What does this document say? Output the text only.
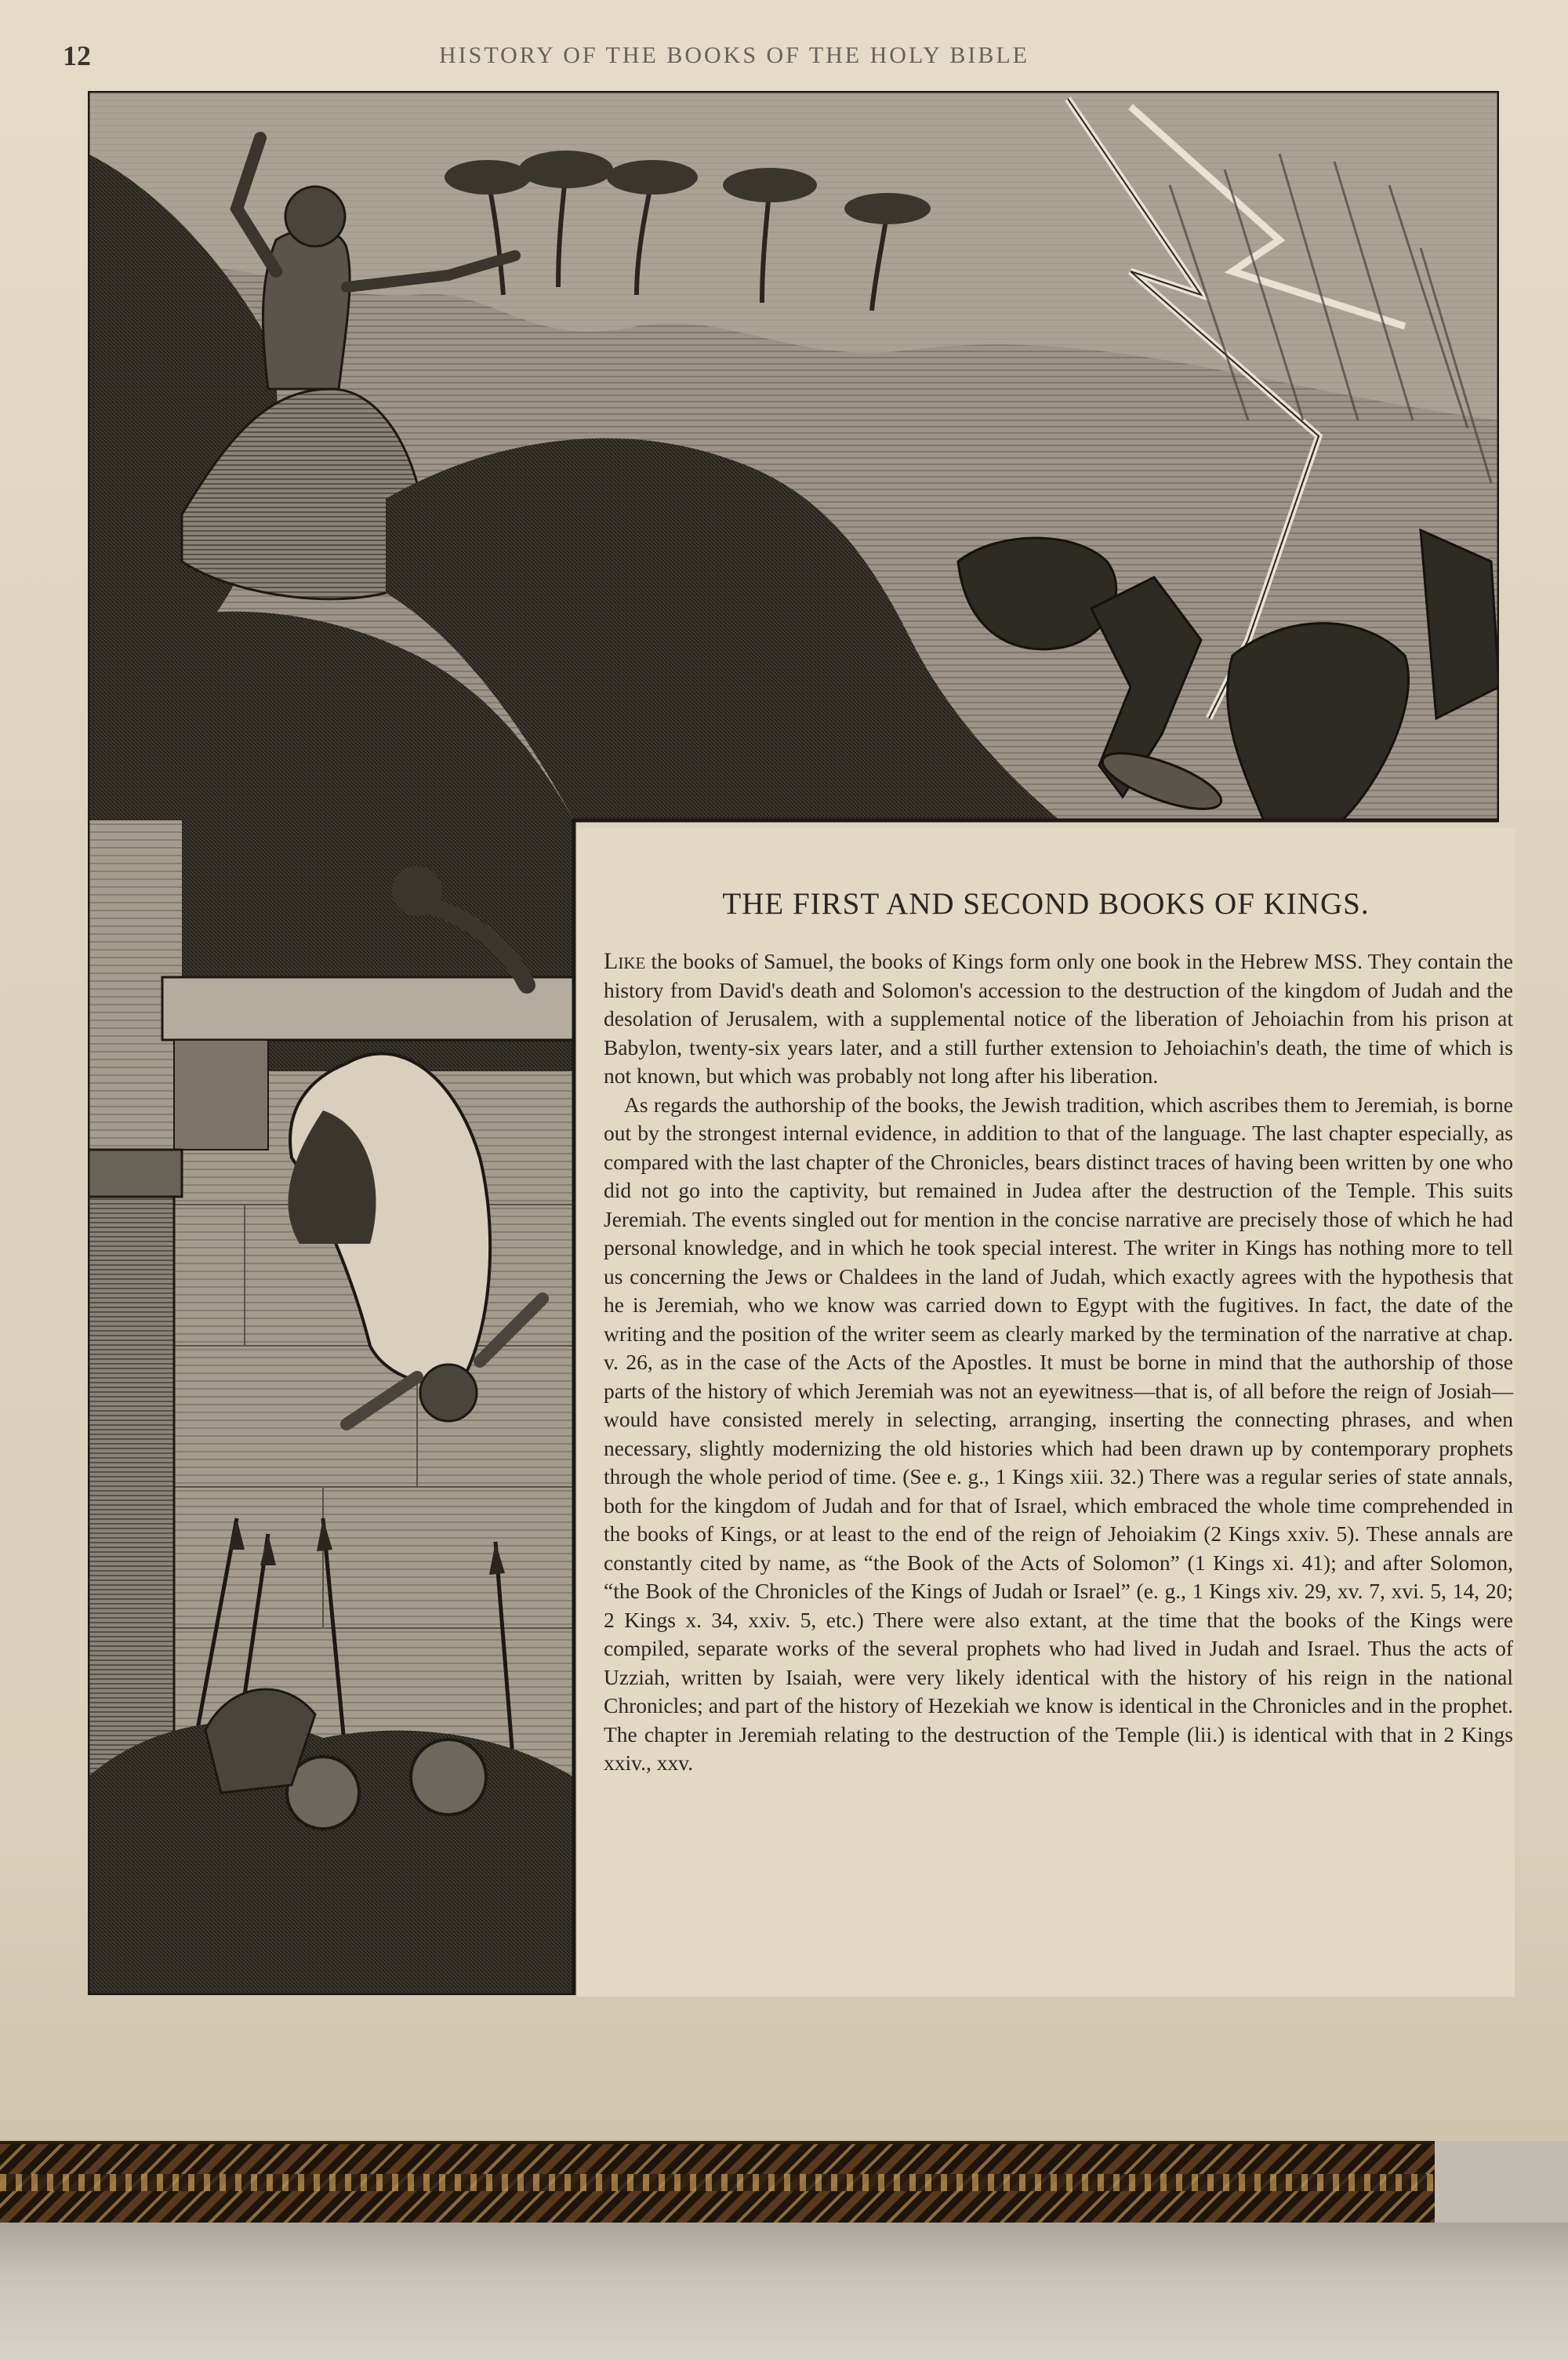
12	HISTORY OF THE BOOKS OF THE HOLY BIBLE
THE FIRST AND SECOND BOOKS OF KINGS.

Like the books of Samuel, the books of Kings form only one book in the Hebrew MSS. They contain the history from David's death and Solomon's accession to the destruction of the kingdom of Judah and the desolation of Jerusalem, with a supplemental notice of the liberation of Jehoiachin from his prison at Babylon, twenty-six years later, and a still further extension to Jehoiachin's death, the time of which is not known, but which was probably not long after his liberation.

As regards the authorship of the books, the Jewish tradition, which ascribes them to Jeremiah, is borne out by the strongest internal evidence, in addition to that of the language. The last chapter especially, as compared with the last chapter of the Chronicles, bears distinct traces of having been written by one who did not go into the captivity, but remained in Judea after the destruction of the Temple. This suits Jeremiah. The events singled out for mention in the concise narrative are precisely those of which he had personal knowledge, and in which he took special interest. The writer in Kings has nothing more to tell us concerning the Jews or Chaldees in the land of Judah, which exactly agrees with the hypothesis that he is Jeremiah, who we know was carried down to Egypt with the fugitives. In fact, the date of the writing and the position of the writer seem as clearly marked by the termination of the narrative at chap. v. 26, as in the case of the Acts of the Apostles. It must be borne in mind that the authorship of those parts of the history of which Jeremiah was not an eyewitness—that is, of all before the reign of Josiah—would have consisted merely in selecting, arranging, inserting the connecting phrases, and when necessary, slightly modernizing the old histories which had been drawn up by contemporary prophets through the whole period of time. (See e. g., 1 Kings xiii. 32.) There was a regular series of state annals, both for the kingdom of Judah and for that of Israel, which embraced the whole time comprehended in the books of Kings, or at least to the end of the reign of Jehoiakim (2 Kings xxiv. 5). These annals are constantly cited by name, as “the Book of the Acts of Solomon” (1 Kings xi. 41); and after Solomon, “the Book of the Chronicles of the Kings of Judah or Israel” (e. g., 1 Kings xiv. 29, xv. 7, xvi. 5, 14, 20; 2 Kings x. 34, xxiv. 5, etc.) There were also extant, at the time that the books of the Kings were compiled, separate works of the several prophets who had lived in Judah and Israel. Thus the acts of Uzziah, written by Isaiah, were very likely identical with the history of his reign in the national Chronicles; and part of the history of Hezekiah we know is identical in the Chronicles and in the prophet. The chapter in Jeremiah relating to the destruction of the Temple (lii.) is identical with that in 2 Kings xxiv., xxv.
